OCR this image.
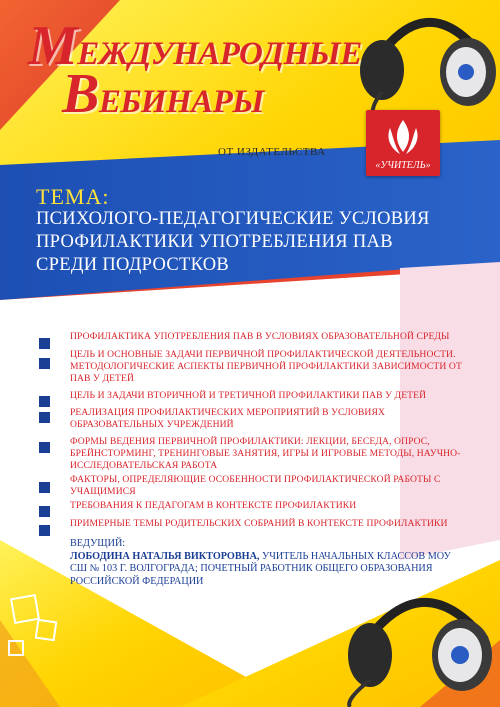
МЕЖДУНАРОДНЫЕ
ВЕБИНАРЫ
ОТ ИЗДАТЕЛЬСТВА
«УЧИТЕЛЬ»
ТЕМА:
ПСИХОЛОГО-ПЕДАГОГИЧЕСКИЕ УСЛОВИЯ ПРОФИЛАКТИКИ УПОТРЕБЛЕНИЯ ПАВ СРЕДИ ПОДРОСТКОВ
ПРОФИЛАКТИКА УПОТРЕБЛЕНИЯ ПАВ В УСЛОВИЯХ ОБРАЗОВАТЕЛЬНОЙ СРЕДЫ
ЦЕЛЬ И ОСНОВНЫЕ ЗАДАЧИ ПЕРВИЧНОЙ ПРОФИЛАКТИЧЕСКОЙ ДЕЯТЕЛЬНОСТИ. МЕТОДОЛОГИЧЕСКИЕ АСПЕКТЫ ПЕРВИЧНОЙ ПРОФИЛАКТИКИ ЗАВИСИМОСТИ ОТ ПАВ У ДЕТЕЙ
ЦЕЛЬ И ЗАДАЧИ ВТОРИЧНОЙ И ТРЕТИЧНОЙ ПРОФИЛАКТИКИ ПАВ У ДЕТЕЙ
РЕАЛИЗАЦИЯ ПРОФИЛАКТИЧЕСКИХ МЕРОПРИЯТИЙ В УСЛОВИЯХ ОБРАЗОВАТЕЛЬНЫХ УЧРЕЖДЕНИЙ
ФОРМЫ ВЕДЕНИЯ ПЕРВИЧНОЙ ПРОФИЛАКТИКИ: ЛЕКЦИИ, БЕСЕДА, ОПРОС, БРЕЙНСТОРМИНГ, ТРЕНИНГОВЫЕ ЗАНЯТИЯ, ИГРЫ И ИГРОВЫЕ МЕТОДЫ, НАУЧНО-ИССЛЕДОВАТЕЛЬСКАЯ РАБОТА
ФАКТОРЫ, ОПРЕДЕЛЯЮЩИЕ ОСОБЕННОСТИ ПРОФИЛАКТИЧЕСКОЙ РАБОТЫ С УЧАЩИМИСЯ
ТРЕБОВАНИЯ К ПЕДАГОГАМ В КОНТЕКСТЕ ПРОФИЛАКТИКИ
ПРИМЕРНЫЕ ТЕМЫ РОДИТЕЛЬСКИХ СОБРАНИЙ В КОНТЕКСТЕ ПРОФИЛАКТИКИ
ВЕДУЩИЙ:
ЛОБОДИНА НАТАЛЬЯ ВИКТОРОВНА, УЧИТЕЛЬ НАЧАЛЬНЫХ КЛАССОВ МОУ СШ № 103 Г. ВОЛГОГРАДА; ПОЧЕТНЫЙ РАБОТНИК ОБЩЕГО ОБРАЗОВАНИЯ РОССИЙСКОЙ ФЕДЕРАЦИИ
